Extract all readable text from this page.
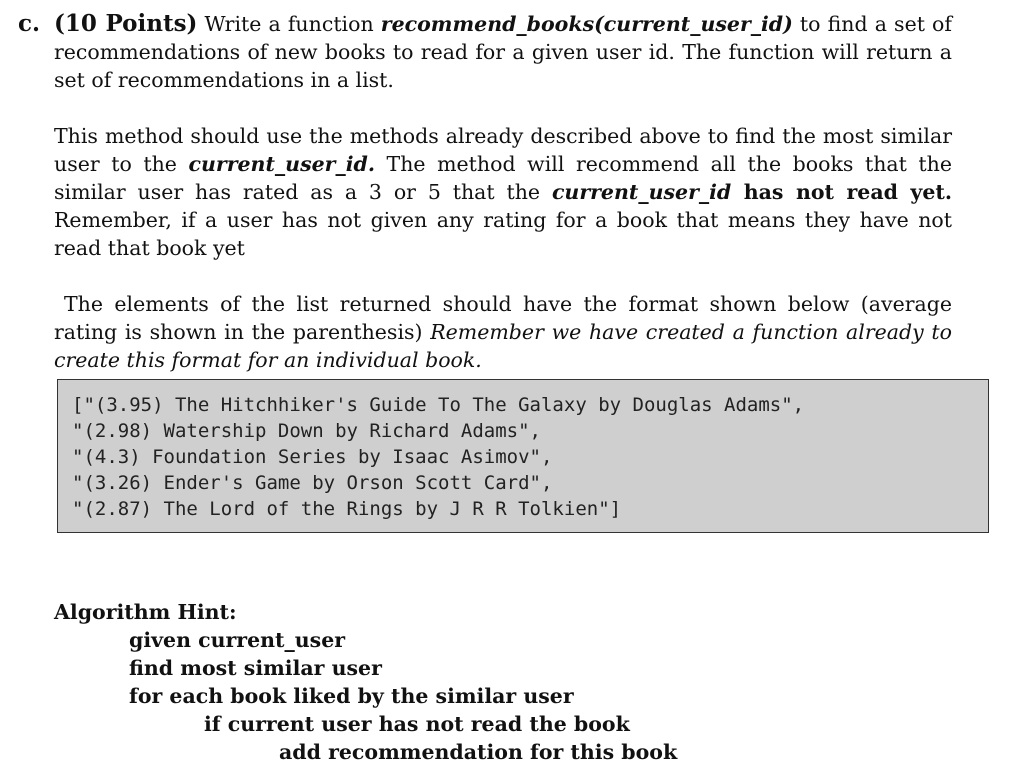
c. (10 Points) Write a function recommend_books(current_user_id) to find a set of recommendations of new books to read for a given user id. The function will return a set of recommendations in a list.

This method should use the methods already described above to find the most similar user to the current_user_id. The method will recommend all the books that the similar user has rated as a 3 or 5 that the current_user_id has not read yet. Remember, if a user has not given any rating for a book that means they have not read that book yet

The elements of the list returned should have the format shown below (average rating is shown in the parenthesis) Remember we have created a function already to create this format for an individual book.

["(3.95) The Hitchhiker's Guide To The Galaxy by Douglas Adams",
"(2.98) Watership Down by Richard Adams",
"(4.3) Foundation Series by Isaac Asimov",
"(3.26) Ender's Game by Orson Scott Card",
"(2.87) The Lord of the Rings by J R R Tolkien"]
Algorithm Hint:
given current_user
find most similar user
for each book liked by the similar user
if current user has not read the book
add recommendation for this book
